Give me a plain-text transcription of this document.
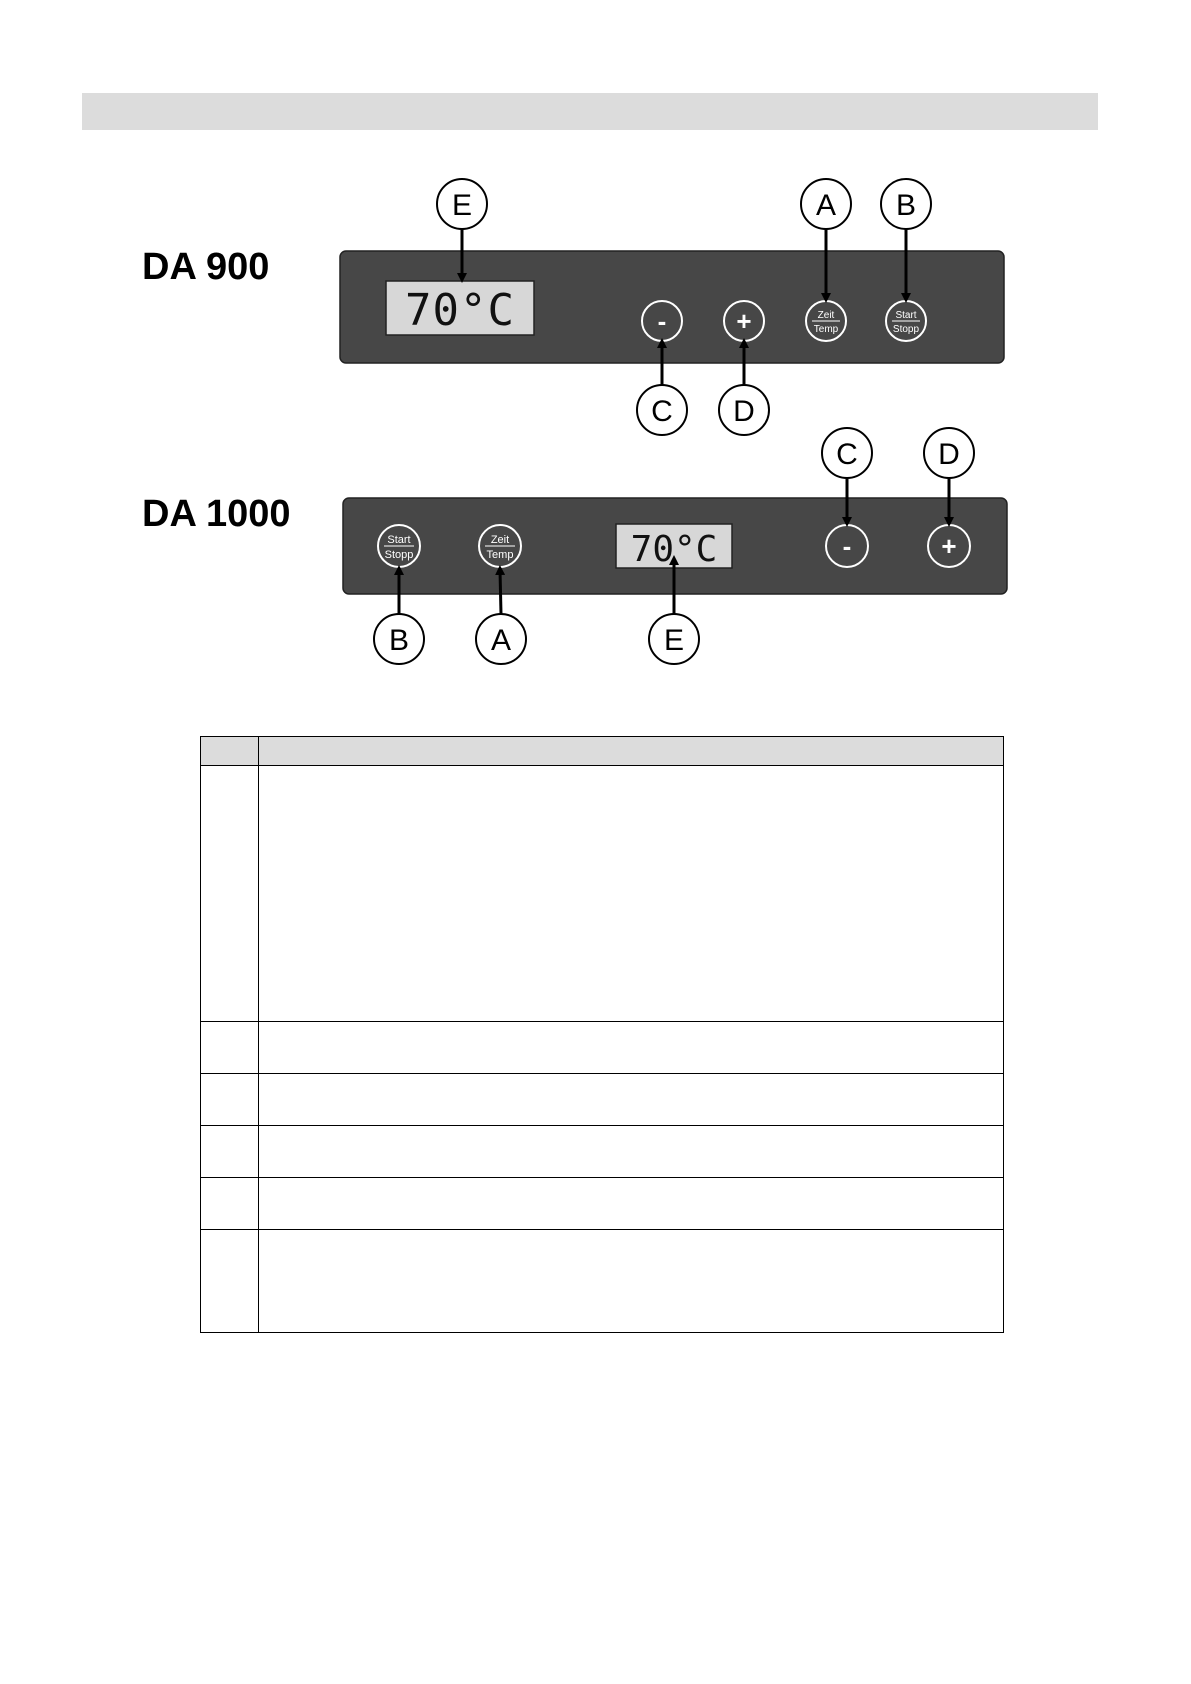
DA 900
DA 1000
70°C	-	+	Zeit
Temp
Start
Stopp
E	A B
C D
Start
Stopp
Zeit
Temp	70°C	-	+
C	D
B	A	E
